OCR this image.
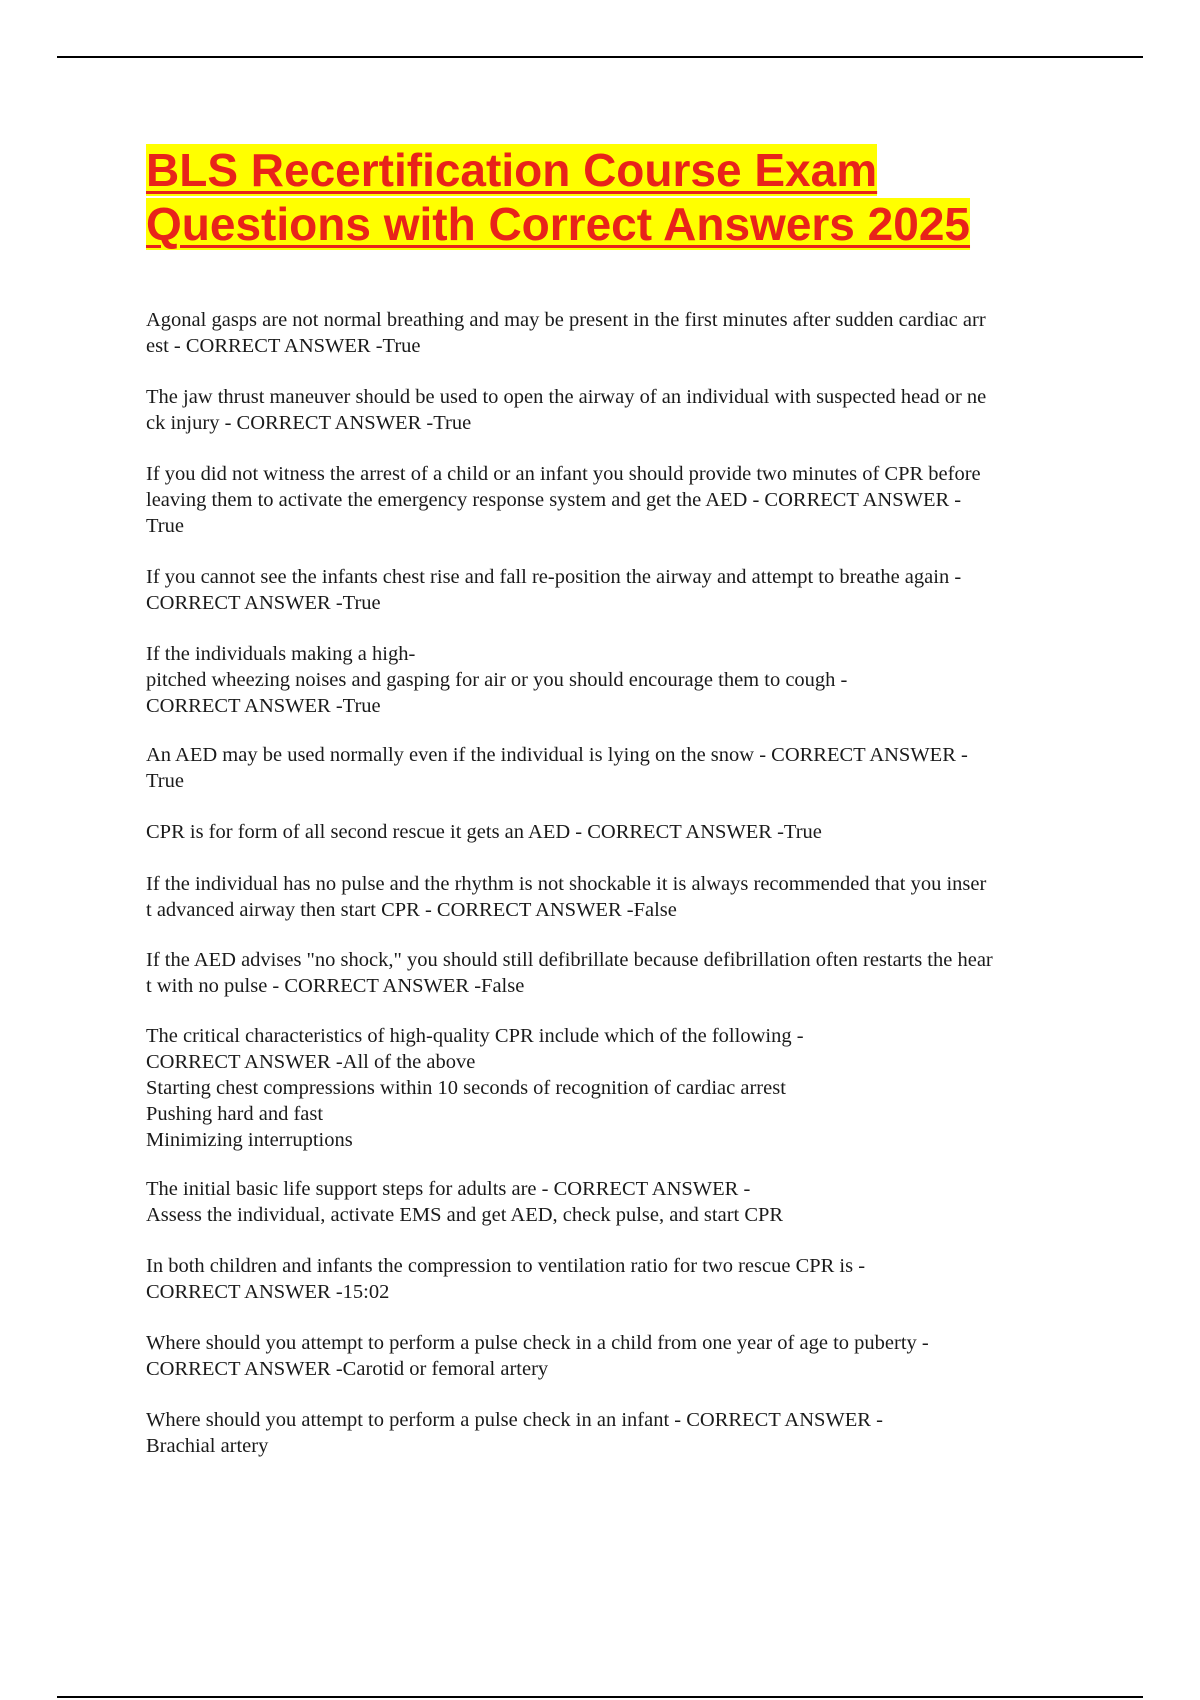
BLS Recertification Course Exam
Questions with Correct Answers 2025
Agonal gasps are not normal breathing and may be present in the first minutes after sudden cardiac arr
est - CORRECT ANSWER -True
The jaw thrust maneuver should be used to open the airway of an individual with suspected head or ne
ck injury - CORRECT ANSWER -True
If you did not witness the arrest of a child or an infant you should provide two minutes of CPR before
leaving them to activate the emergency response system and get the AED - CORRECT ANSWER -
True
If you cannot see the infants chest rise and fall re-position the airway and attempt to breathe again -
CORRECT ANSWER -True
If the individuals making a high-
pitched wheezing noises and gasping for air or you should encourage them to cough -
CORRECT ANSWER -True
An AED may be used normally even if the individual is lying on the snow - CORRECT ANSWER -
True
CPR is for form of all second rescue it gets an AED - CORRECT ANSWER -True
If the individual has no pulse and the rhythm is not shockable it is always recommended that you inser
t advanced airway then start CPR - CORRECT ANSWER -False
If the AED advises "no shock," you should still defibrillate because defibrillation often restarts the hear
t with no pulse - CORRECT ANSWER -False
The critical characteristics of high-quality CPR include which of the following -
CORRECT ANSWER -All of the above
Starting chest compressions within 10 seconds of recognition of cardiac arrest
Pushing hard and fast
Minimizing interruptions
The initial basic life support steps for adults are - CORRECT ANSWER -
Assess the individual, activate EMS and get AED, check pulse, and start CPR
In both children and infants the compression to ventilation ratio for two rescue CPR is -
CORRECT ANSWER -15:02
Where should you attempt to perform a pulse check in a child from one year of age to puberty -
CORRECT ANSWER -Carotid or femoral artery
Where should you attempt to perform a pulse check in an infant - CORRECT ANSWER -
Brachial artery
